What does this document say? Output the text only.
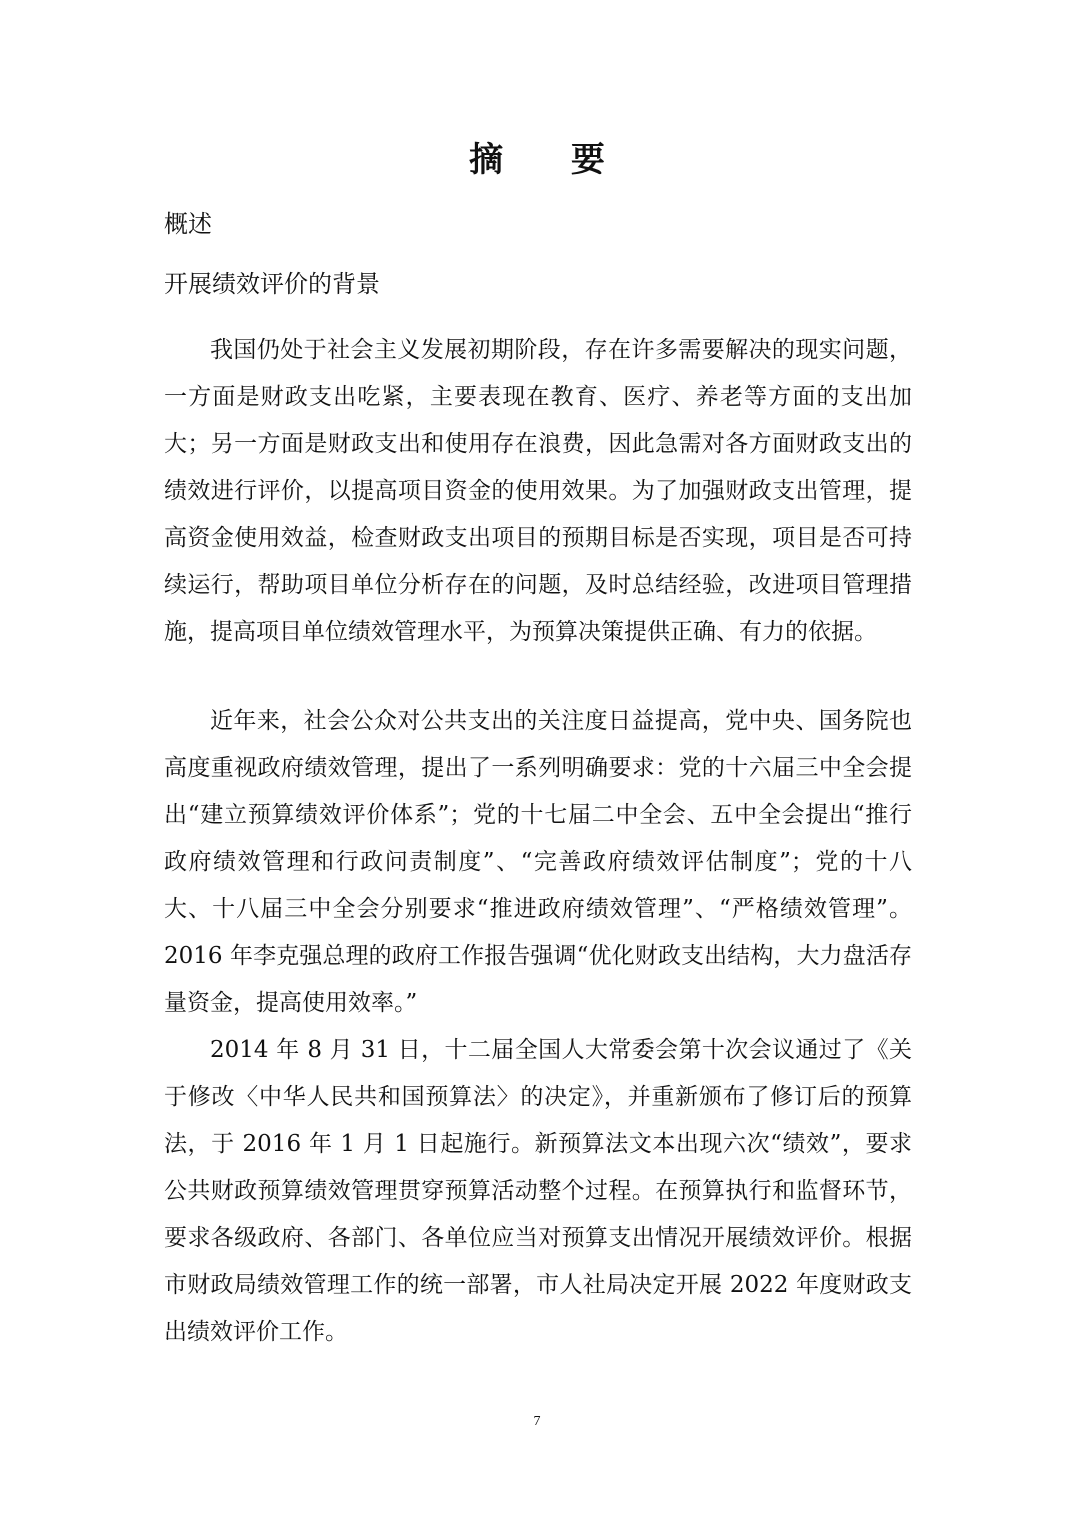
摘 要
概述
开展绩效评价的背景

我国仍处于社会主义发展初期阶段，存在许多需要解决的现实问题，一方面是财政支出吃紧，主要表现在教育、医疗、养老等方面的支出加大；另一方面是财政支出和使用存在浪费，因此急需对各方面财政支出的绩效进行评价，以提高项目资金的使用效果。为了加强财政支出管理，提高资金使用效益，检查财政支出项目的预期目标是否实现，项目是否可持续运行，帮助项目单位分析存在的问题，及时总结经验，改进项目管理措施，提高项目单位绩效管理水平，为预算决策提供正确、有力的依据。

近年来，社会公众对公共支出的关注度日益提高，党中央、国务院也高度重视政府绩效管理，提出了一系列明确要求：党的十六届三中全会提出“建立预算绩效评价体系”；党的十七届二中全会、五中全会提出“推行政府绩效管理和行政问责制度”、“完善政府绩效评估制度”；党的十八大、十八届三中全会分别要求“推进政府绩效管理”、“严格绩效管理”。2016 年李克强总理的政府工作报告强调“优化财政支出结构，大力盘活存量资金，提高使用效率。”

2014 年 8 月 31 日，十二届全国人大常委会第十次会议通过了《关于修改〈中华人民共和国预算法〉的决定》，并重新颁布了修订后的预算法，于 2016 年 1 月 1 日起施行。新预算法文本出现六次“绩效”，要求公共财政预算绩效管理贯穿预算活动整个过程。在预算执行和监督环节，要求各级政府、各部门、各单位应当对预算支出情况开展绩效评价。根据市财政局绩效管理工作的统一部署，市人社局决定开展 2022 年度财政支出绩效评价工作。

7
